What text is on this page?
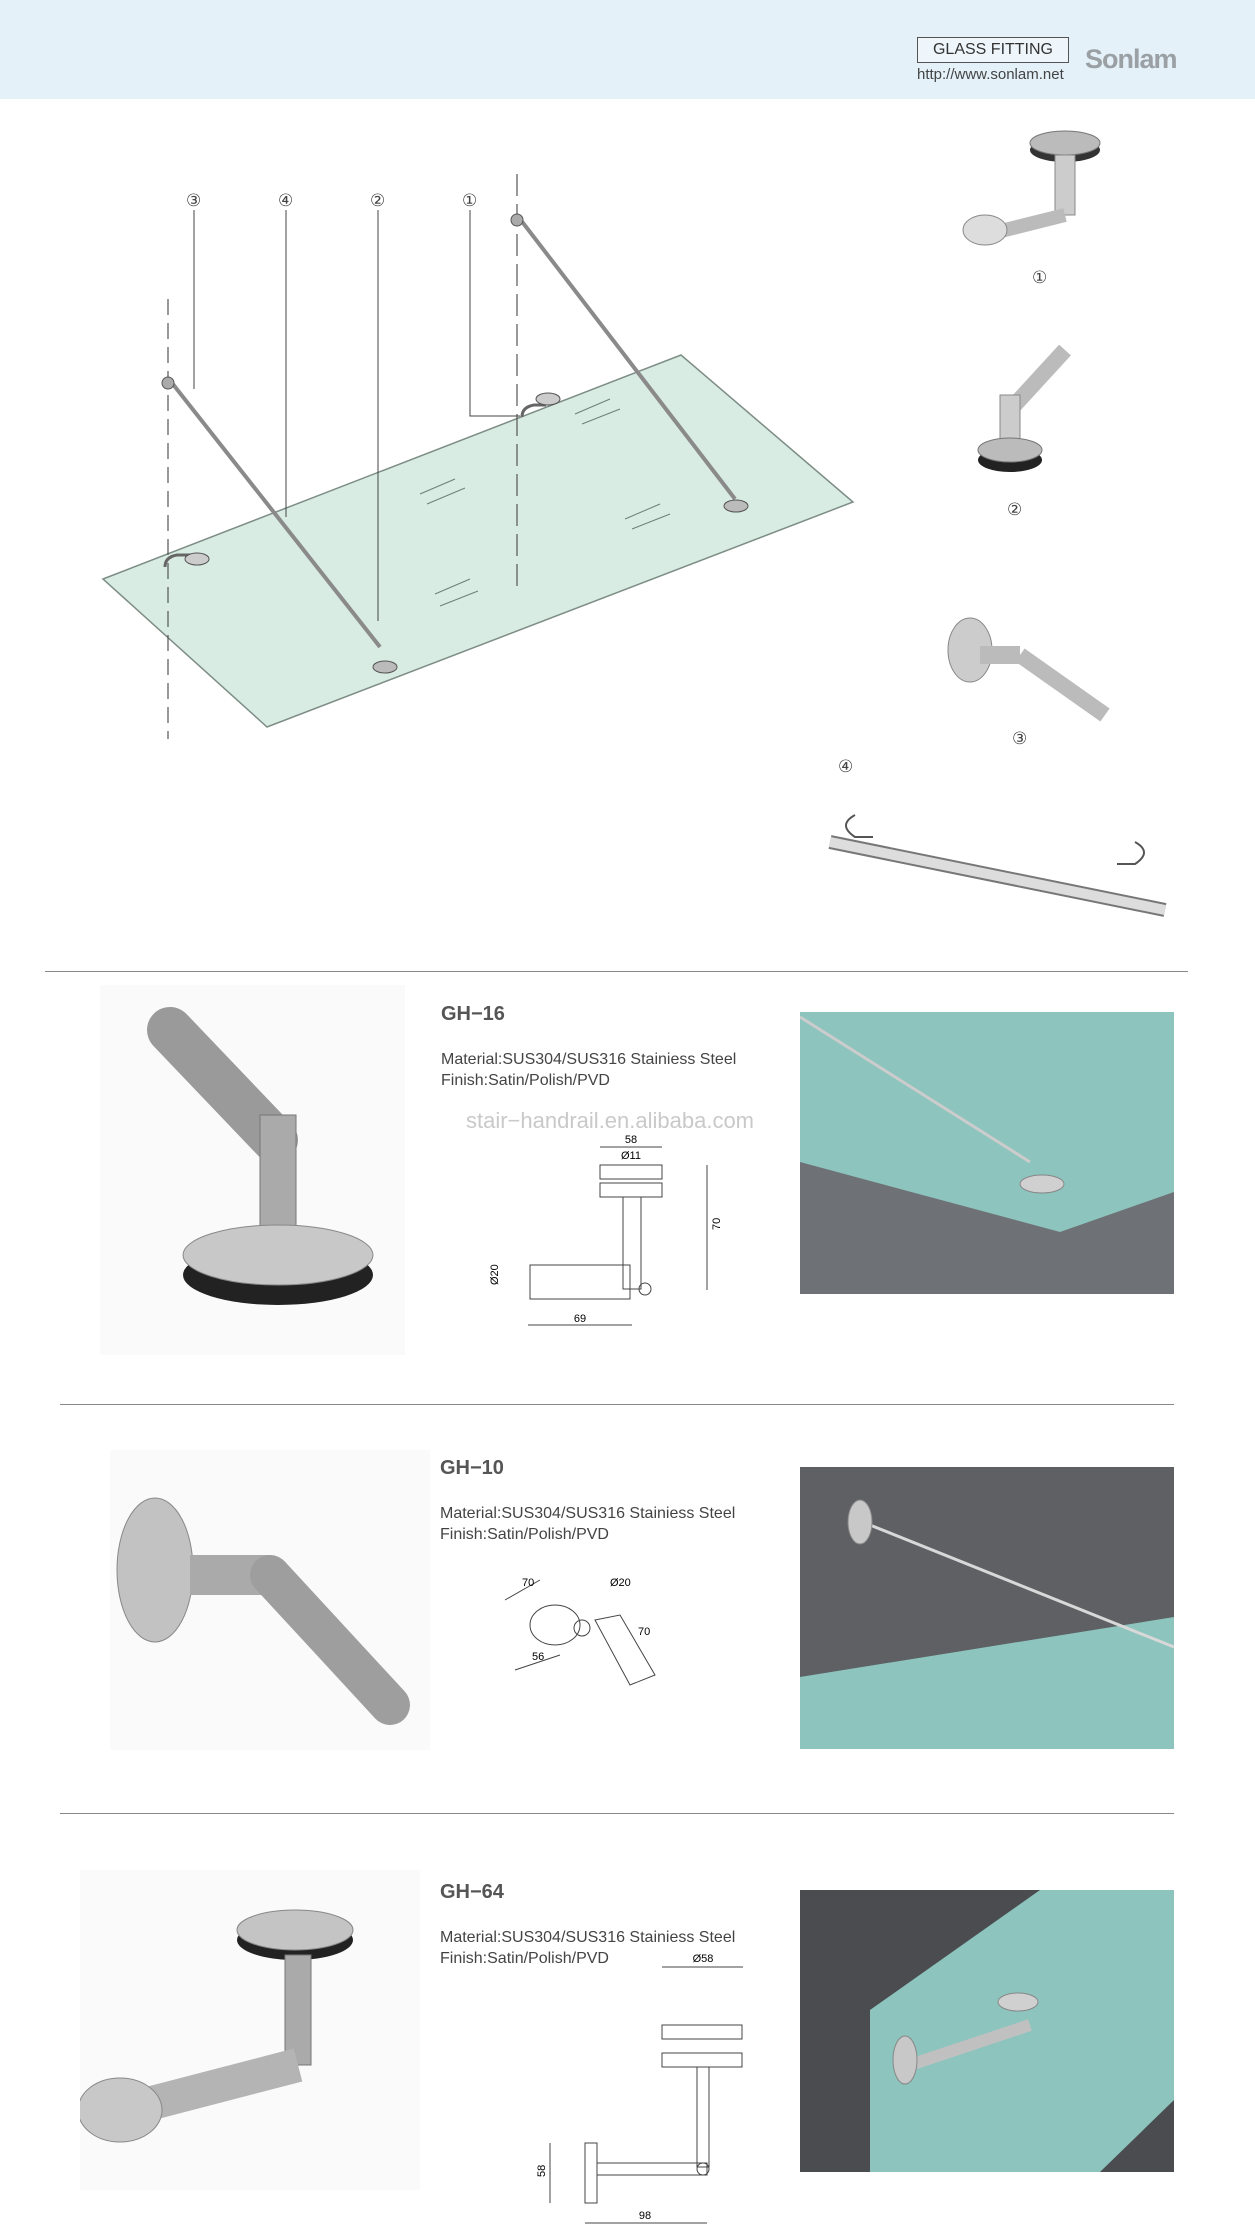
GLASS FITTING
http://www.sonlam.net
Sonlam
③	④	②	①
①
②
③
④
GH−16
Material:SUS304/SUS316 Stainiess Steel
Finish:Satin/Polish/PVD
stair−handrail.en.alibaba.com
58
Ø11
70
Ø20
69
GH−10
Material:SUS304/SUS316 Stainiess Steel
Finish:Satin/Polish/PVD
70	Ø20
70
56
GH−64
Material:SUS304/SUS316 Stainiess Steel
Finish:Satin/Polish/PVD	Ø58
58
98
